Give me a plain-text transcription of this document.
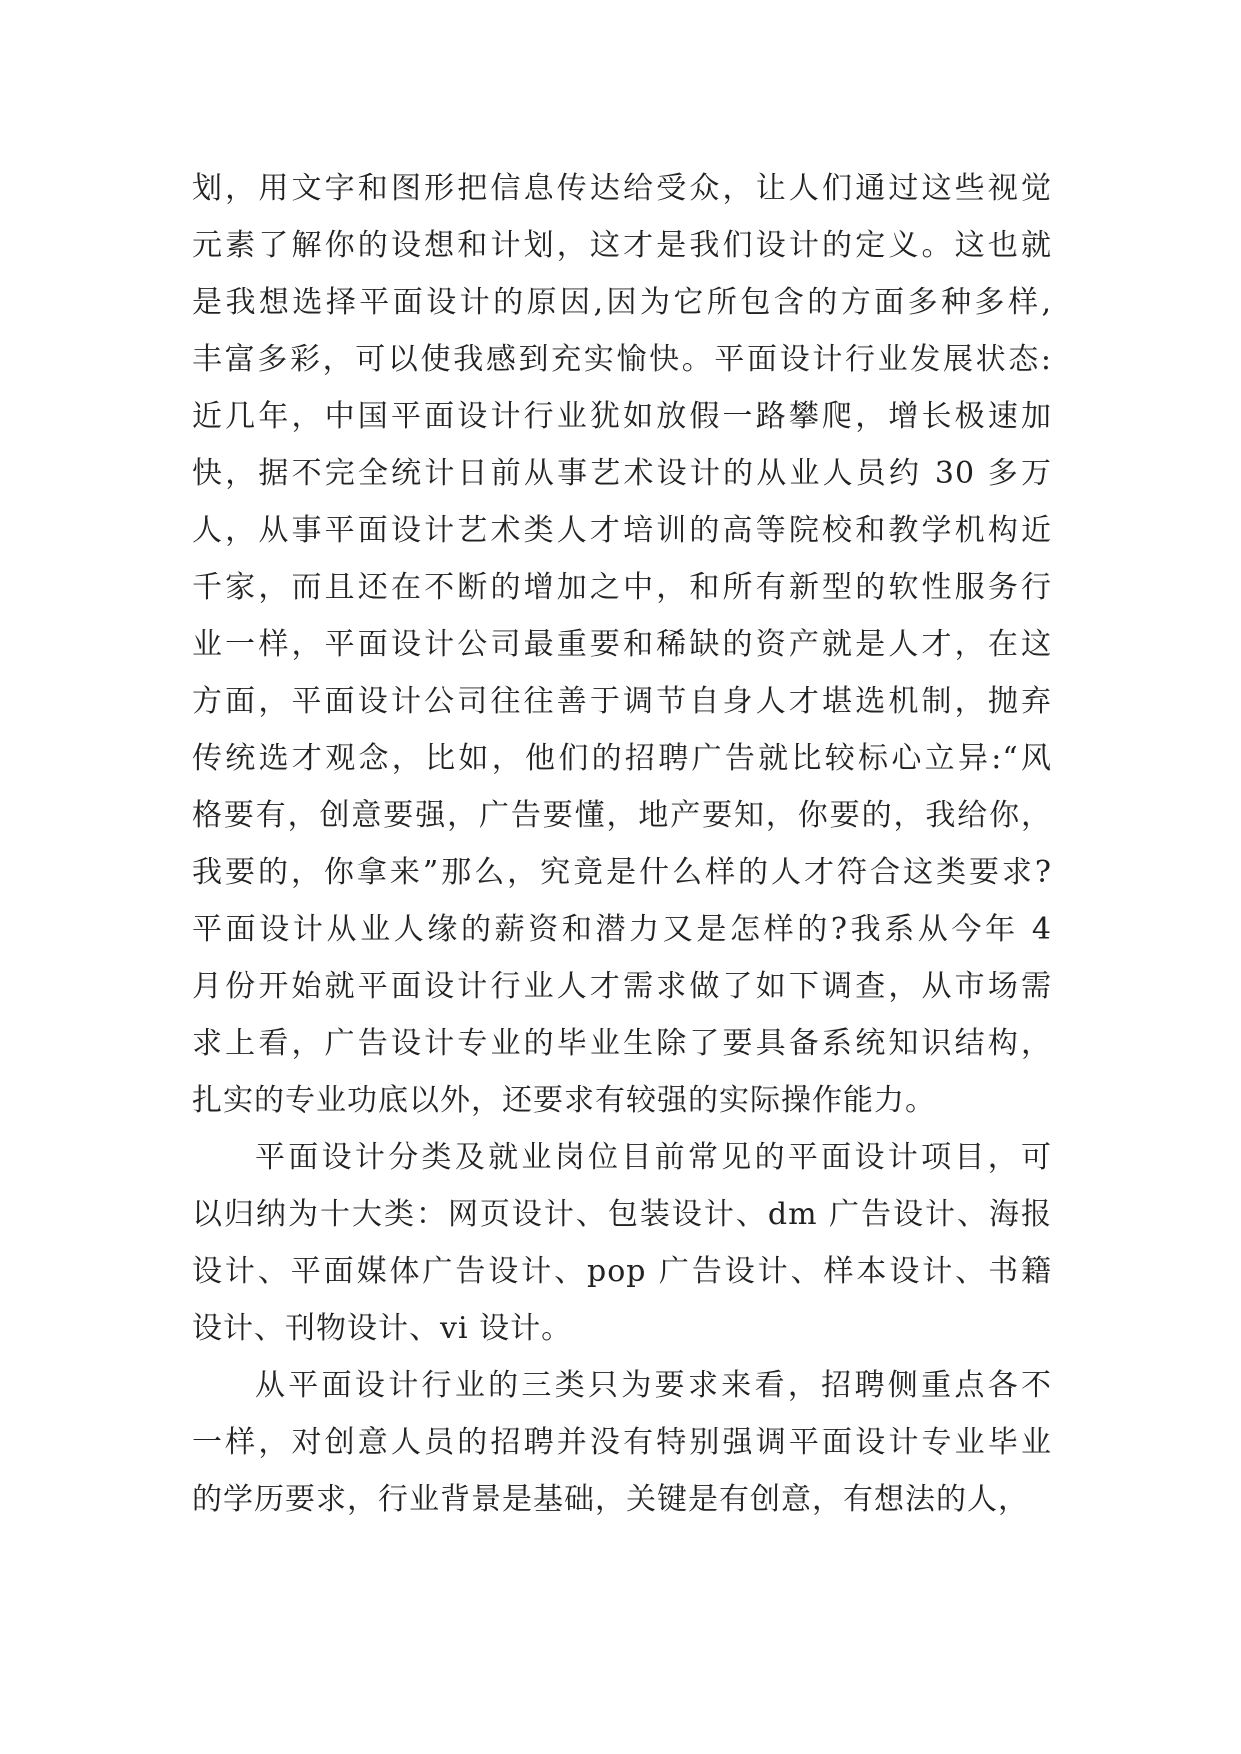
划，用文字和图形把信息传达给受众，让人们通过这些视觉
元素了解你的设想和计划，这才是我们设计的定义。这也就
是我想选择平面设计的原因,因为它所包含的方面多种多样,
丰富多彩，可以使我感到充实愉快。平面设计行业发展状态:
近几年，中国平面设计行业犹如放假一路攀爬，增长极速加
快，据不完全统计日前从事艺术设计的从业人员约 30 多万
人，从事平面设计艺术类人才培训的高等院校和教学机构近
千家，而且还在不断的增加之中，和所有新型的软性服务行
业一样，平面设计公司最重要和稀缺的资产就是人才，在这
方面，平面设计公司往往善于调节自身人才堪选机制，抛弃
传统选才观念，比如，他们的招聘广告就比较标心立异:“风
格要有，创意要强，广告要懂，地产要知，你要的，我给你，
我要的，你拿来”那么，究竟是什么样的人才符合这类要求?
平面设计从业人缘的薪资和潜力又是怎样的?我系从今年 4
月份开始就平面设计行业人才需求做了如下调查，从市场需
求上看，广告设计专业的毕业生除了要具备系统知识结构，
扎实的专业功底以外，还要求有较强的实际操作能力。
平面设计分类及就业岗位目前常见的平面设计项目，可
以归纳为十大类：网页设计、包装设计、dm 广告设计、海报
设计、平面媒体广告设计、pop 广告设计、样本设计、书籍
设计、刊物设计、vi 设计。
从平面设计行业的三类只为要求来看，招聘侧重点各不
一样，对创意人员的招聘并没有特别强调平面设计专业毕业
的学历要求，行业背景是基础，关键是有创意，有想法的人，
